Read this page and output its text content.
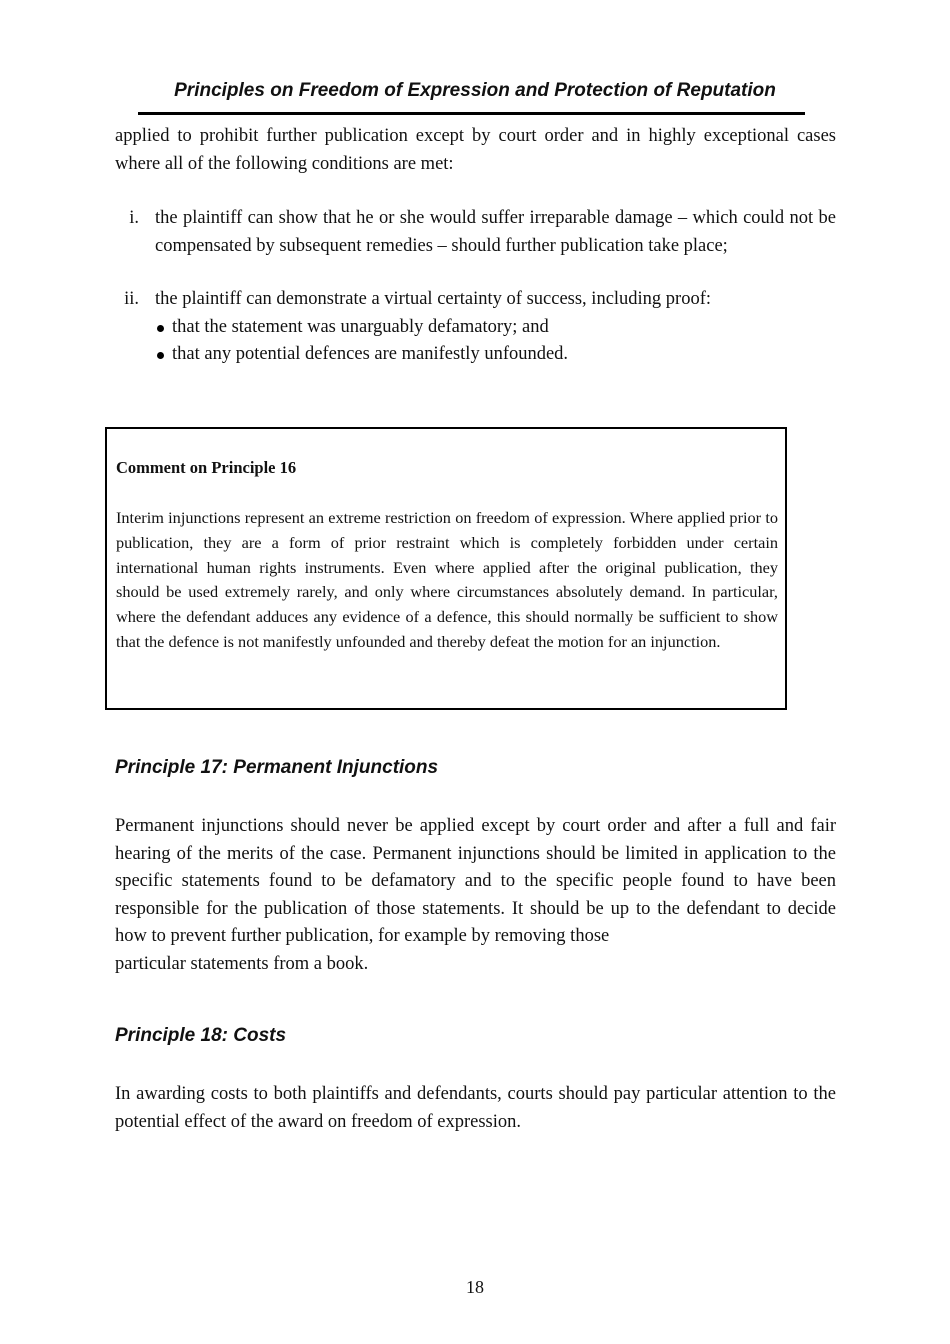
Principles on Freedom of Expression and Protection of Reputation

applied to prohibit further publication except by court order and in highly exceptional cases where all of the following conditions are met:

i. the plaintiff can show that he or she would suffer irreparable damage – which could not be compensated by subsequent remedies – should further publication take place;
ii. the plaintiff can demonstrate a virtual certainty of success, including proof:
that the statement was unarguably defamatory; and
that any potential defences are manifestly unfounded.

Comment on Principle 16

Interim injunctions represent an extreme restriction on freedom of expression. Where applied prior to publication, they are a form of prior restraint which is completely forbidden under certain international human rights instruments. Even where applied after the original publication, they should be used extremely rarely, and only where circumstances absolutely demand. In particular, where the defendant adduces any evidence of a defence, this should normally be sufficient to show that the defence is not manifestly unfounded and thereby defeat the motion for an injunction.

Principle 17: Permanent Injunctions

Permanent injunctions should never be applied except by court order and after a full and fair hearing of the merits of the case. Permanent injunctions should be limited in application to the specific statements found to be defamatory and to the specific people found to have been responsible for the publication of those statements. It should be up to the defendant to decide how to prevent further publication, for example by removing those
particular statements from a book.

Principle 18: Costs

In awarding costs to both plaintiffs and defendants, courts should pay particular attention to the potential effect of the award on freedom of expression.

18
